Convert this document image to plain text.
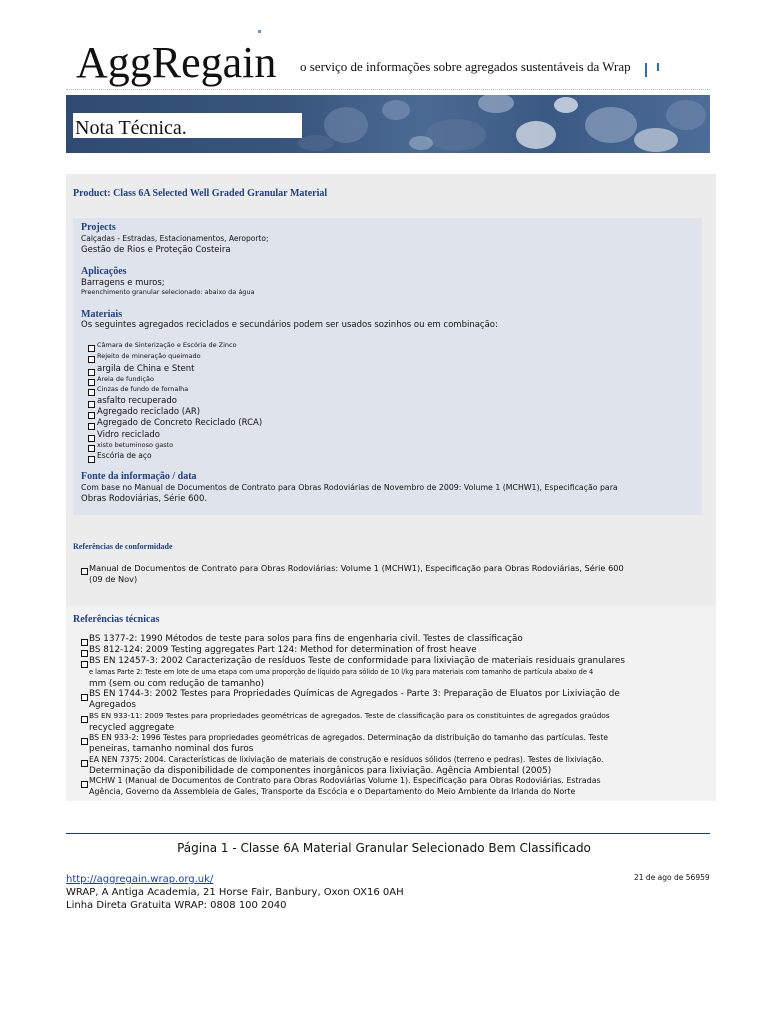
AggRegain o serviço de informações sobre agregados sustentáveis da Wrap
Nota Técnica.
Product: Class 6A Selected Well Graded Granular Material
Projects
Calçadas - Estradas, Estacionamentos, Aeroporto;
Gestão de Rios e Proteção Costeira
Aplicações
Barragens e muros;
Preenchimento granular selecionado: abaixo da água
Materiais
Os seguintes agregados reciclados e secundários podem ser usados sozinhos ou em combinação:
Câmara de Sinterização e Escória de Zinco
Rejeito de mineração queimado
argila de China e Stent
Areia de fundição
Cinzas de fundo de fornalha
asfalto recuperado
Agregado reciclado (AR)
Agregado de Concreto Reciclado (RCA)
Vidro reciclado
xisto betuminoso gasto
Escória de aço
Fonte da informação / data
Com base no Manual de Documentos de Contrato para Obras Rodoviárias de Novembro de 2009: Volume 1 (MCHW1), Especificação para
Obras Rodoviárias, Série 600.
Referências de conformidade
Manual de Documentos de Contrato para Obras Rodoviárias: Volume 1 (MCHW1), Especificação para Obras Rodoviárias, Série 600
(09 de Nov)
Referências técnicas
BS 1377-2: 1990 Métodos de teste para solos para fins de engenharia civil. Testes de classificação
BS 812-124: 2009 Testing aggregates Part 124: Method for determination of frost heave
BS EN 12457-3: 2002 Caracterização de resíduos Teste de conformidade para lixiviação de materiais residuais granulares
e lamas Parte 2: Teste em lote de uma etapa com uma proporção de líquido para sólido de 10 l/kg para materiais com tamanho de partícula abaixo de 4
mm (sem ou com redução de tamanho)
BS EN 1744-3: 2002 Testes para Propriedades Químicas de Agregados - Parte 3: Preparação de Eluatos por Lixiviação de
Agregados
BS EN 933-11: 2009 Testes para propriedades geométricas de agregados. Teste de classificação para os constituintes de agregados graúdos
recycled aggregate
BS EN 933-2: 1996 Testes para propriedades geométricas de agregados. Determinação da distribuição do tamanho das partículas. Teste
peneiras, tamanho nominal dos furos
EA NEN 7375: 2004. Características de lixiviação de materiais de construção e resíduos sólidos (terreno e pedras). Testes de lixiviação.
Determinação da disponibilidade de componentes inorgânicos para lixiviação. Agência Ambiental (2005)
MCHW 1 (Manual de Documentos de Contrato para Obras Rodoviárias Volume 1). Especificação para Obras Rodoviárias. Estradas
Agência, Governo da Assembleia de Gales, Transporte da Escócia e o Departamento do Meio Ambiente da Irlanda do Norte
Página 1 - Classe 6A Material Granular Selecionado Bem Classificado
http://aggregain.wrap.org.uk/
WRAP, A Antiga Academia, 21 Horse Fair, Banbury, Oxon OX16 0AH
Linha Direta Gratuita WRAP: 0808 100 2040
21 de ago de 56959
